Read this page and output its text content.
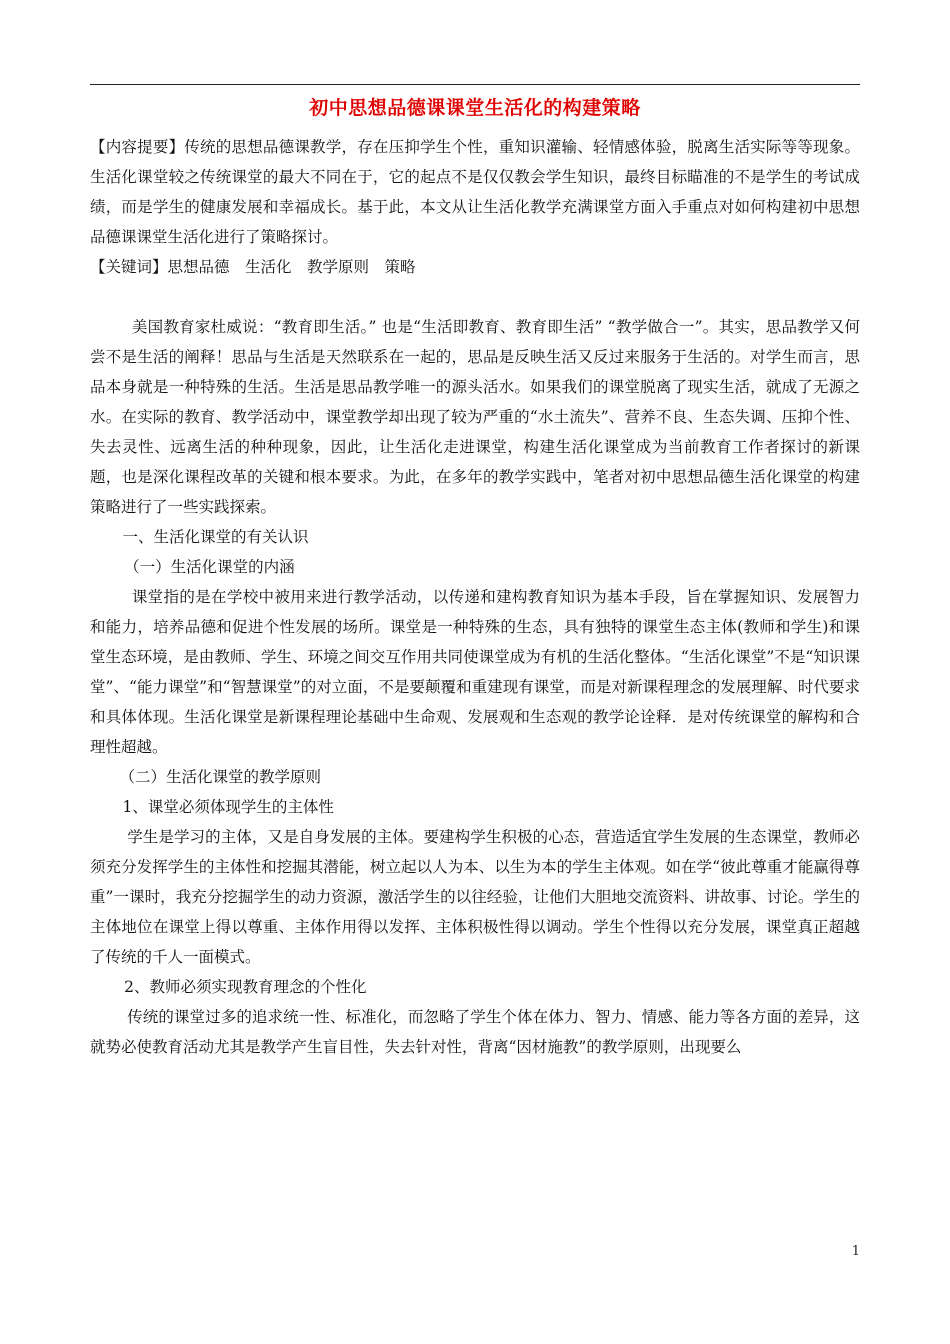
初中思想品德课课堂生活化的构建策略

【内容提要】传统的思想品德课教学，存在压抑学生个性，重知识灌输、轻情感体验，脱离生活实际等等现象。生活化课堂较之传统课堂的最大不同在于，它的起点不是仅仅教会学生知识，最终目标瞄准的不是学生的考试成绩，而是学生的健康发展和幸福成长。基于此，本文从让生活化教学充满课堂方面入手重点对如何构建初中思想品德课课堂生活化进行了策略探讨。

【关键词】思想品德　生活化　教学原则　策略

美国教育家杜威说：“教育即生活。” 也是“生活即教育、教育即生活” “教学做合一”。其实，思品教学又何尝不是生活的阐释！思品与生活是天然联系在一起的，思品是反映生活又反过来服务于生活的。对学生而言，思品本身就是一种特殊的生活。生活是思品教学唯一的源头活水。如果我们的课堂脱离了现实生活，就成了无源之水。在实际的教育、教学活动中，课堂教学却出现了较为严重的“水土流失”、营养不良、生态失调、压抑个性、失去灵性、远离生活的种种现象，因此，让生活化走进课堂，构建生活化课堂成为当前教育工作者探讨的新课题，也是深化课程改革的关键和根本要求。为此，在多年的教学实践中，笔者对初中思想品德生活化课堂的构建策略进行了一些实践探索。

一、生活化课堂的有关认识

（一）生活化课堂的内涵

课堂指的是在学校中被用来进行教学活动，以传递和建构教育知识为基本手段，旨在掌握知识、发展智力和能力，培养品德和促进个性发展的场所。课堂是一种特殊的生态，具有独特的课堂生态主体(教师和学生)和课堂生态环境，是由教师、学生、环境之间交互作用共同使课堂成为有机的生活化整体。“生活化课堂”不是“知识课堂”、“能力课堂”和“智慧课堂”的对立面，不是要颠覆和重建现有课堂，而是对新课程理念的发展理解、时代要求和具体体现。生活化课堂是新课程理论基础中生命观、发展观和生态观的教学论诠释．是对传统课堂的解构和合理性超越。

（二）生活化课堂的教学原则

1、课堂必须体现学生的主体性

学生是学习的主体，又是自身发展的主体。要建构学生积极的心态，营造适宜学生发展的生态课堂，教师必须充分发挥学生的主体性和挖掘其潜能，树立起以人为本、以生为本的学生主体观。如在学“彼此尊重才能赢得尊重”一课时，我充分挖掘学生的动力资源，激活学生的以往经验，让他们大胆地交流资料、讲故事、讨论。学生的主体地位在课堂上得以尊重、主体作用得以发挥、主体积极性得以调动。学生个性得以充分发展，课堂真正超越了传统的千人一面模式。

2、教师必须实现教育理念的个性化

传统的课堂过多的追求统一性、标准化，而忽略了学生个体在体力、智力、情感、能力等各方面的差异，这就势必使教育活动尤其是教学产生盲目性，失去针对性，背离“因材施教”的教学原则，出现要么

1
